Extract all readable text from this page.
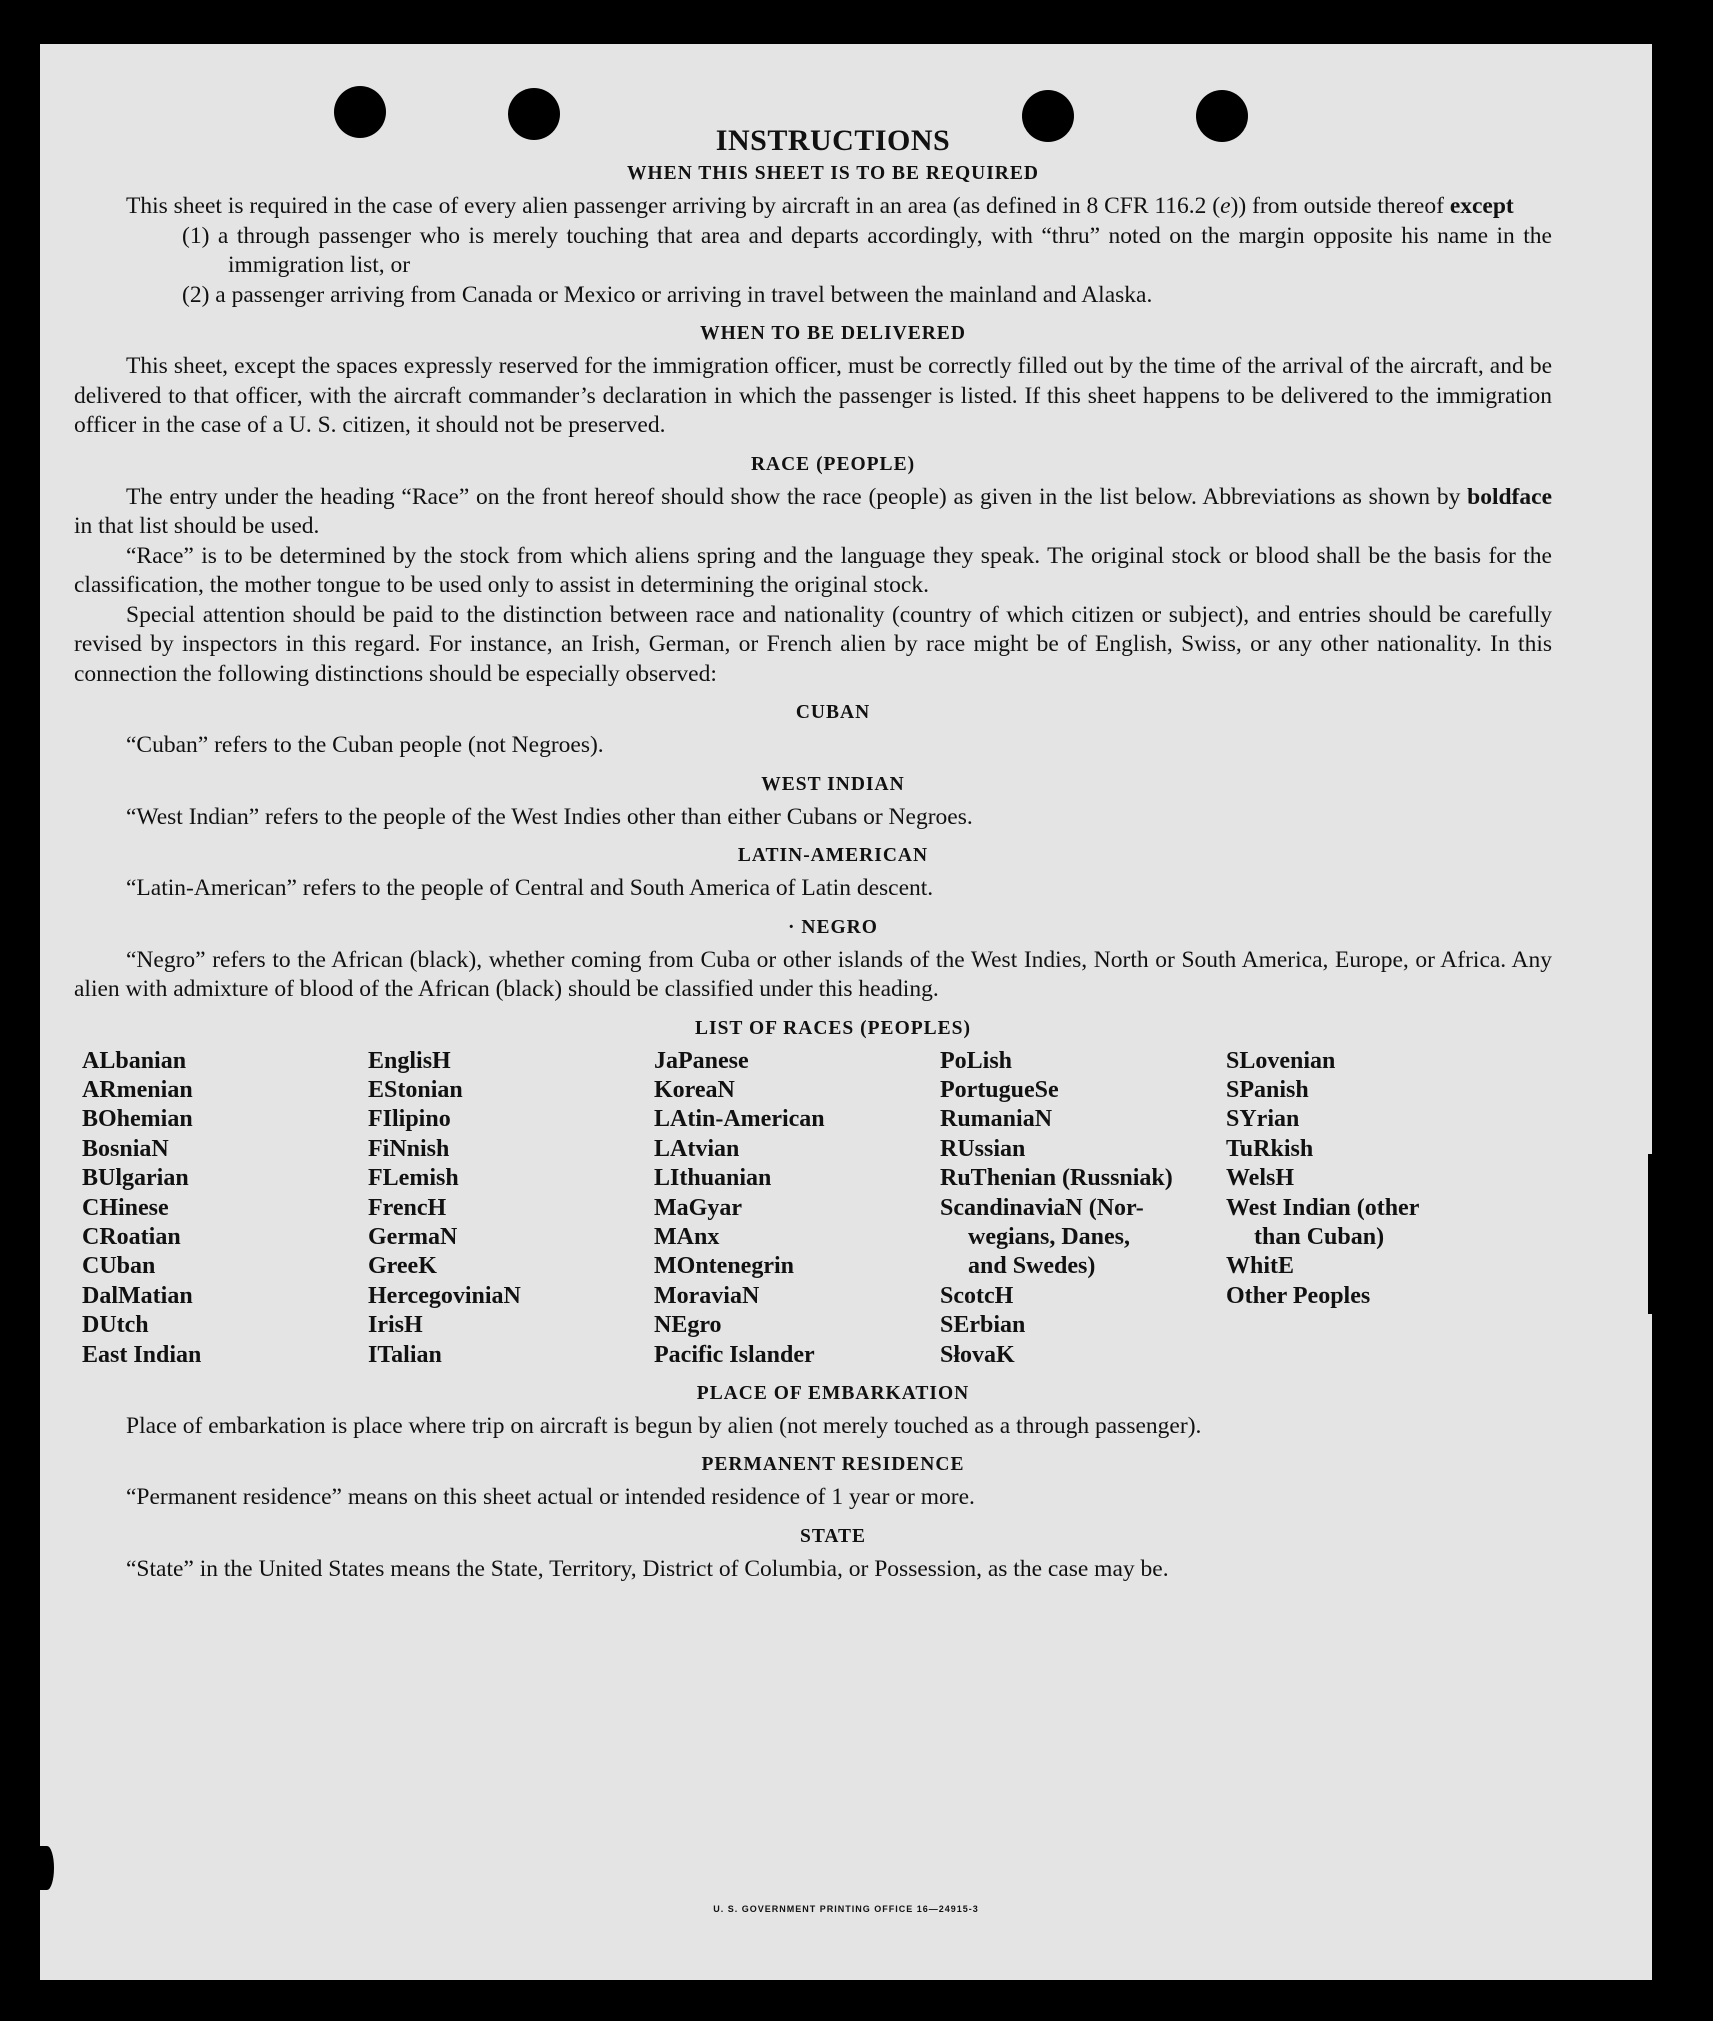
INSTRUCTIONS
WHEN THIS SHEET IS TO BE REQUIRED

This sheet is required in the case of every alien passenger arriving by aircraft in an area (as defined in 8 CFR 116.2 (e)) from outside thereof except

(1) a through passenger who is merely touching that area and departs accordingly, with “thru” noted on the margin opposite his name in the immigration list, or

(2) a passenger arriving from Canada or Mexico or arriving in travel between the mainland and Alaska.

WHEN TO BE DELIVERED

This sheet, except the spaces expressly reserved for the immigration officer, must be correctly filled out by the time of the arrival of the aircraft, and be delivered to that officer, with the aircraft commander’s declaration in which the passenger is listed. If this sheet happens to be delivered to the immigration officer in the case of a U. S. citizen, it should not be preserved.

RACE (PEOPLE)

The entry under the heading “Race” on the front hereof should show the race (people) as given in the list below. Abbreviations as shown by boldface in that list should be used.

“Race” is to be determined by the stock from which aliens spring and the language they speak. The original stock or blood shall be the basis for the classification, the mother tongue to be used only to assist in determining the original stock.

Special attention should be paid to the distinction between race and nationality (country of which citizen or subject), and entries should be carefully revised by inspectors in this regard. For instance, an Irish, German, or French alien by race might be of English, Swiss, or any other nationality. In this connection the following distinctions should be especially observed:

CUBAN

“Cuban” refers to the Cuban people (not Negroes).

WEST INDIAN

“West Indian” refers to the people of the West Indies other than either Cubans or Negroes.

LATIN-AMERICAN

“Latin-American” refers to the people of Central and South America of Latin descent.

· NEGRO

“Negro” refers to the African (black), whether coming from Cuba or other islands of the West Indies, North or South America, Europe, or Africa. Any alien with admixture of blood of the African (black) should be classified under this heading.

LIST OF RACES (PEOPLES)
ALbanian
ARmenian
BOhemian
BosniaN
BUlgarian
CHinese
CRoatian
CUban
DalMatian
DUtch
East Indian
EnglisH
EStonian
FIlipino
FiNnish
FLemish
FrencH
GermaN
GreeK
HercegoviniaN
IrisH
ITalian
JaPanese
KoreaN
LAtin-American
LAtvian
LIthuanian
MaGyar
MAnx
MOntenegrin
MoraviaN
NEgro
Pacific Islander
PoLish
PortugueSe
RumaniaN
RUssian
RuThenian (Russniak)
ScandinaviaN (Nor-
wegians, Danes,
and Swedes)
ScotcH
SErbian
SłovaK
SLovenian
SPanish
SYrian
TuRkish
WelsH
West Indian (other
than Cuban)
WhitE
Other Peoples
PLACE OF EMBARKATION

Place of embarkation is place where trip on aircraft is begun by alien (not merely touched as a through passenger).

PERMANENT RESIDENCE

“Permanent residence” means on this sheet actual or intended residence of 1 year or more.

STATE

“State” in the United States means the State, Territory, District of Columbia, or Possession, as the case may be.

U. S. GOVERNMENT PRINTING OFFICE 16—24915-3
